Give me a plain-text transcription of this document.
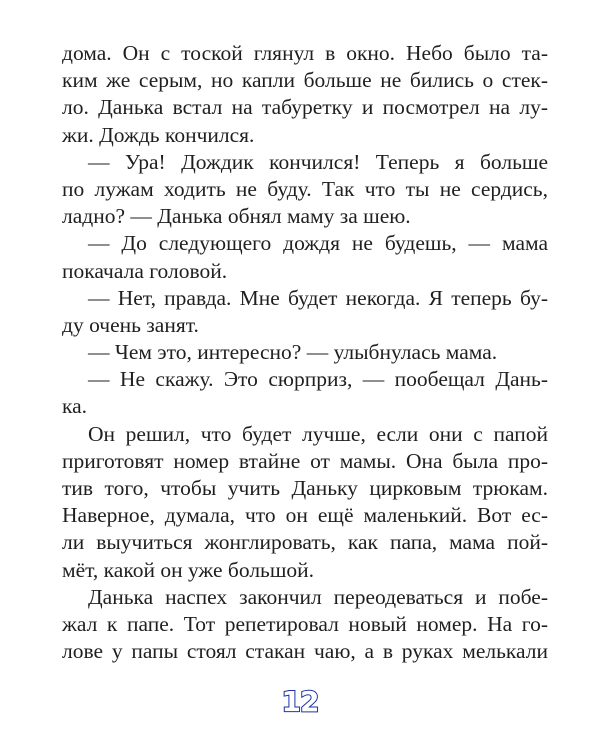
дома. Он с тоской глянул в окно. Небо было та-
ким же серым, но капли больше не бились о стек-
ло. Данька встал на табуретку и посмотрел на лу-
жи. Дождь кончился.
— Ура! Дождик кончился! Теперь я больше
по лужам ходить не буду. Так что ты не сердись,
ладно? — Данька обнял маму за шею.
— До следующего дождя не будешь, — мама
покачала головой.
— Нет, правда. Мне будет некогда. Я теперь бу-
ду очень занят.
— Чем это, интересно? — улыбнулась мама.
— Не скажу. Это сюрприз, — пообещал Дань-
ка.
Он решил, что будет лучше, если они с папой
приготовят номер втайне от мамы. Она была про-
тив того, чтобы учить Даньку цирковым трюкам.
Наверное, думала, что он ещё маленький. Вот ес-
ли выучиться жонглировать, как папа, мама пой-
мёт, какой он уже большой.
Данька наспех закончил переодеваться и побе-
жал к папе. Тот репетировал новый номер. На го-
лове у папы стоял стакан чаю, а в руках мелькали
12
